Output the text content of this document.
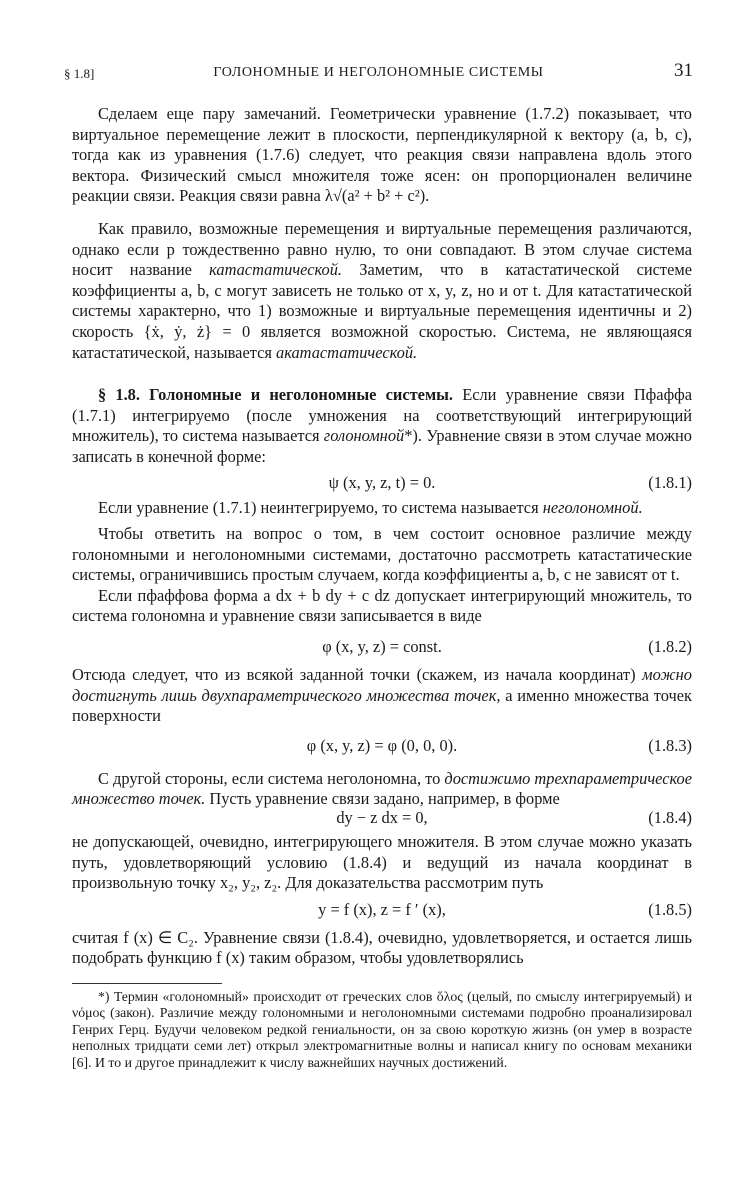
§ 1.8]	ГОЛОНОМНЫЕ И НЕГОЛОНОМНЫЕ СИСТЕМЫ	31

Сделаем еще пару замечаний. Геометрически уравнение (1.7.2) показывает, что виртуальное перемещение лежит в плоскости, перпендикулярной к вектору (a, b, c), тогда как из уравнения (1.7.6) следует, что реакция связи направлена вдоль этого вектора. Физический смысл множителя тоже ясен: он пропорционален величине реакции связи. Реакция связи равна λ√(a² + b² + c²).

Как правило, возможные перемещения и виртуальные перемещения различаются, однако если p тождественно равно нулю, то они совпадают. В этом случае система носит название катастатической. Заметим, что в катастатической системе коэффициенты a, b, c могут зависеть не только от x, y, z, но и от t. Для катастатической системы характерно, что 1) возможные и виртуальные перемещения идентичны и 2) скорость {ẋ, ẏ, ż} = 0 является возможной скоростью. Система, не являющаяся катастатической, называется акатастатической.

§ 1.8. Голономные и неголономные системы. Если уравнение связи Пфаффа (1.7.1) интегрируемо (после умножения на соответствующий интегрирующий множитель), то система называется голономной*). Уравнение связи в этом случае можно записать в конечной форме:

ψ (x, y, z, t) = 0.	(1.8.1)

Если уравнение (1.7.1) неинтегрируемо, то система называется неголономной.

Чтобы ответить на вопрос о том, в чем состоит основное различие между голономными и неголономными системами, достаточно рассмотреть катастатические системы, ограничившись простым случаем, когда коэффициенты a, b, c не зависят от t.

Если пфаффова форма a dx + b dy + c dz допускает интегрирующий множитель, то система голономна и уравнение связи записывается в виде

φ (x, y, z) = const.	(1.8.2)

Отсюда следует, что из всякой заданной точки (скажем, из начала координат) можно достигнуть лишь двухпараметрического множества точек, а именно множества точек поверхности

φ (x, y, z) = φ (0, 0, 0).	(1.8.3)

С другой стороны, если система неголономна, то достижимо трехпараметрическое множество точек. Пусть уравнение связи задано, например, в форме

dy − z dx = 0,	(1.8.4)

не допускающей, очевидно, интегрирующего множителя. В этом случае можно указать путь, удовлетворяющий условию (1.8.4) и ведущий из начала координат в произвольную точку x₂, y₂, z₂. Для доказательства рассмотрим путь

y = f (x), z = f ′ (x),	(1.8.5)

считая f (x) ∈ C₂. Уравнение связи (1.8.4), очевидно, удовлетворяется, и остается лишь подобрать функцию f (x) таким образом, чтобы удовлетворялись

*) Термин «голономный» происходит от греческих слов ὅλος (целый, по смыслу интегрируемый) и νόμος (закон). Различие между голономными и неголономными системами подробно проанализировал Генрих Герц. Будучи человеком редкой гениальности, он за свою короткую жизнь (он умер в возрасте неполных тридцати семи лет) открыл электромагнитные волны и написал книгу по основам механики [6]. И то и другое принадлежит к числу важнейших научных достижений.
